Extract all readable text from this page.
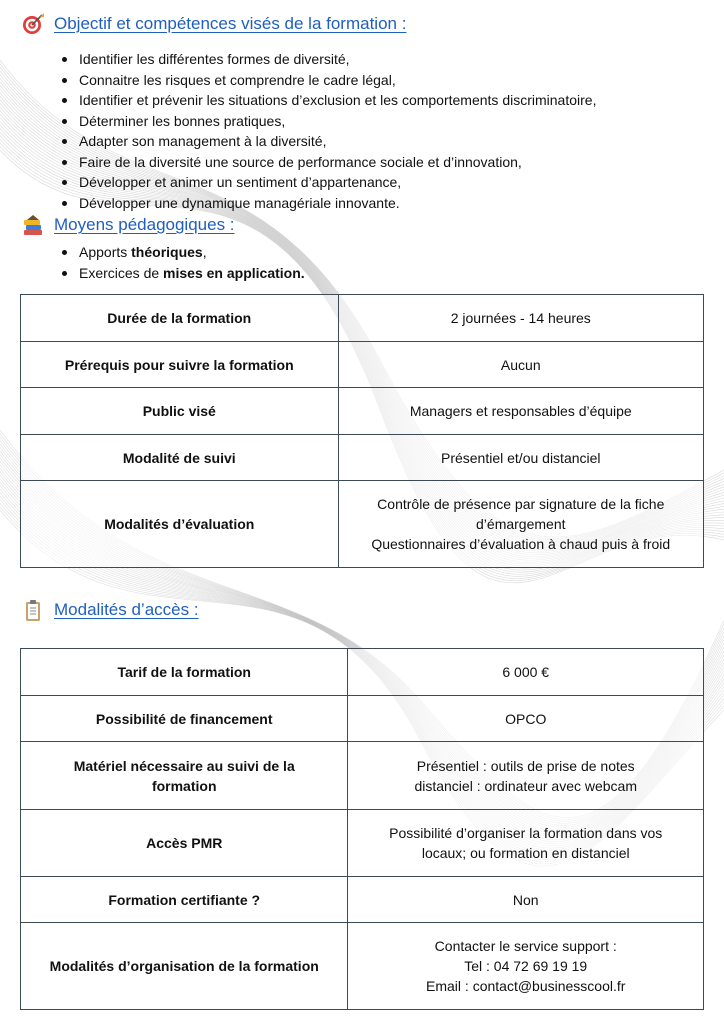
Objectif et compétences visés de la formation :
Identifier les différentes formes de diversité,
Connaitre les risques et comprendre le cadre légal,
Identifier et prévenir les situations d’exclusion et les comportements discriminatoire,
Déterminer les bonnes pratiques,
Adapter son management à la diversité,
Faire de la diversité une source de performance sociale et d’innovation,
Développer et animer un sentiment d’appartenance,
Développer une dynamique managériale innovante.
Moyens pédagogiques :
Apports théoriques,
Exercices de mises en application.
Durée de la formation	2 journées - 14 heures
Prérequis pour suivre la formation	Aucun
Public visé	Managers et responsables d’équipe
Modalité de suivi	Présentiel et/ou distanciel
Modalités d’évaluation	Contrôle de présence par signature de la fiche
d’émargement
Questionnaires d’évaluation à chaud puis à froid
Modalités d’accès :
Tarif de la formation	6 000 €
Possibilité de financement	OPCO

Matériel nécessaire au suivi de la
formation	Présentiel : outils de prise de notes
distanciel : ordinateur avec webcam

Accès PMR	Possibilité d’organiser la formation dans vos
locaux; ou formation en distanciel

Formation certifiante ?	Non
Modalités d’organisation de la formation	Contacter le service support :
Tel : 04 72 69 19 19
Email : contact@businesscool.fr
